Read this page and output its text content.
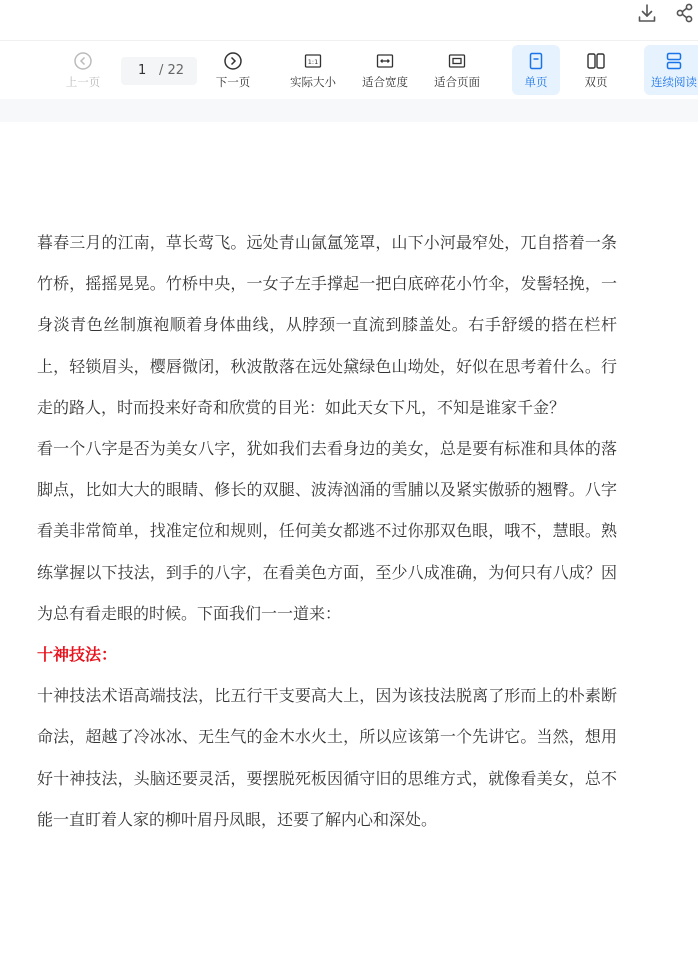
上一页
1 / 22
下一页
1:1
实际大小	适合宽度	适合页面	单页	双页	连续阅读

暮春三月的江南，草长莺飞。远处青山氤氲笼罩，山下小河最窄处，兀自搭着一条竹桥，摇摇晃晃。竹桥中央，一女子左手撑起一把白底碎花小竹伞，发髻轻挽，一身淡青色丝制旗袍顺着身体曲线，从脖颈一直流到膝盖处。右手舒缓的搭在栏杆上，轻锁眉头，樱唇微闭，秋波散落在远处黛绿色山坳处，好似在思考着什么。行走的路人，时而投来好奇和欣赏的目光：如此天女下凡，不知是谁家千金？

看一个八字是否为美女八字，犹如我们去看身边的美女，总是要有标准和具体的落脚点，比如大大的眼睛、修长的双腿、波涛汹涌的雪脯以及紧实傲骄的翘臀。八字看美非常简单，找准定位和规则，任何美女都逃不过你那双色眼，哦不，慧眼。熟练掌握以下技法，到手的八字，在看美色方面，至少八成准确，为何只有八成？因为总有看走眼的时候。下面我们一一道来：

十神技法：

十神技法术语高端技法，比五行干支要高大上，因为该技法脱离了形而上的朴素断命法，超越了冷冰冰、无生气的金木水火土，所以应该第一个先讲它。当然，想用好十神技法，头脑还要灵活，要摆脱死板因循守旧的思维方式，就像看美女，总不能一直盯着人家的柳叶眉丹凤眼，还要了解内心和深处。
